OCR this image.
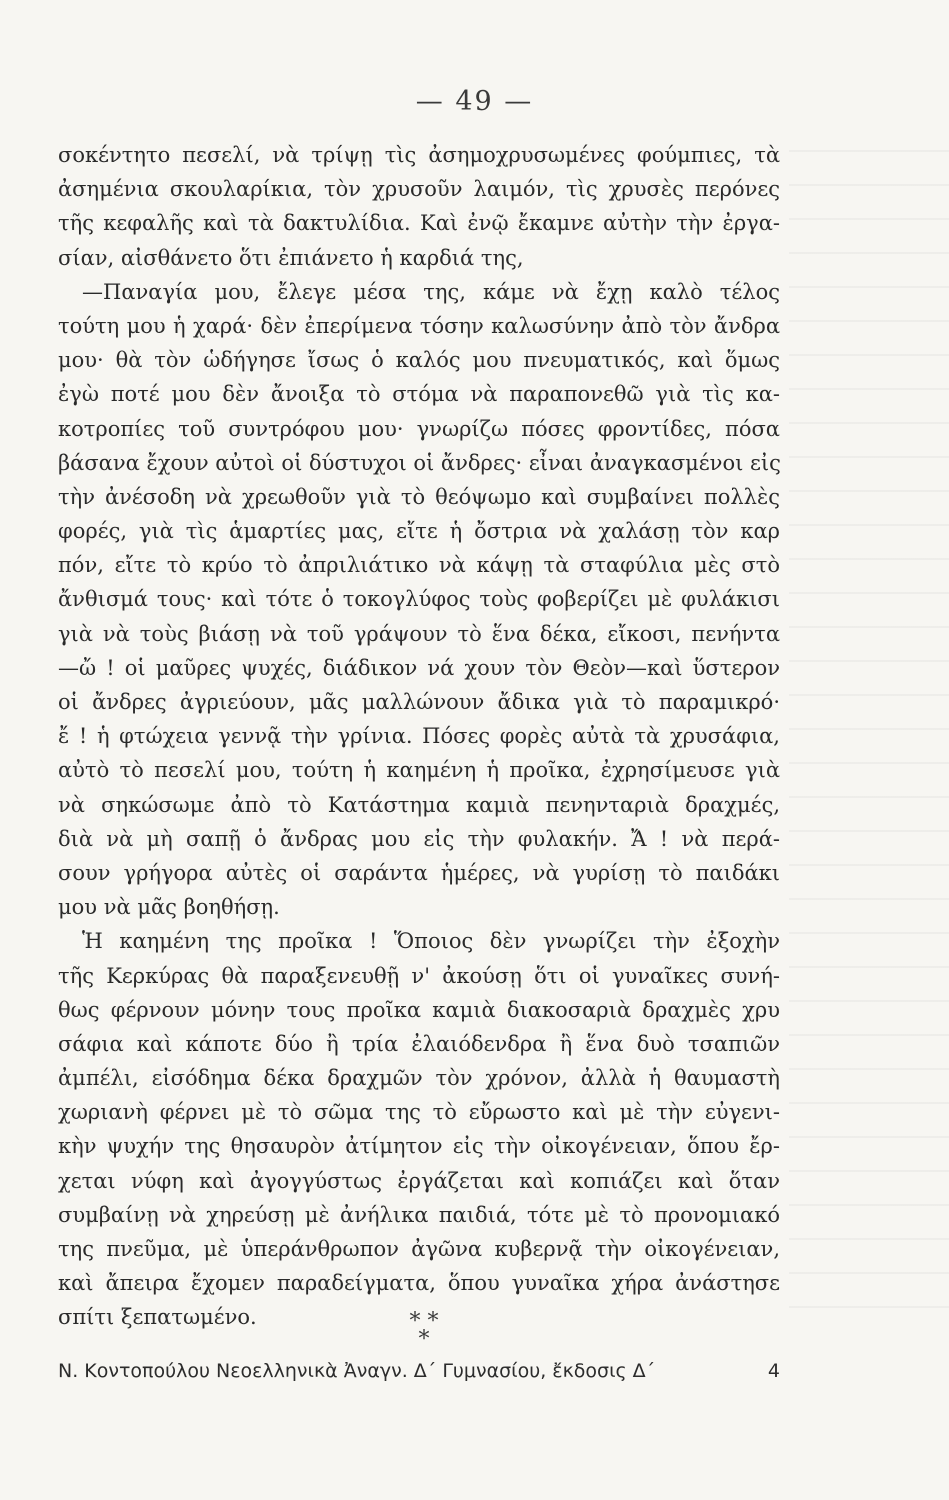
— 49 —
σοκέντητο πεσελί, νὰ τρίψῃ τὶς ἀσημοχρυσωμένες φούμπιες, τὰ
ἀσημένια σκουλαρίκια, τὸν χρυσοῦν λαιμόν, τὶς χρυσὲς περόνες
τῆς κεφαλῆς καὶ τὰ δακτυλίδια. Καὶ ἐνῷ ἔκαμνε αὐτὴν τὴν ἐργα-
σίαν, αἰσθάνετο ὅτι ἐπιάνετο ἡ καρδιά της,
—Παναγία μου, ἔλεγε μέσα της, κάμε νὰ ἔχῃ καλὸ τέλος
τούτη μου ἡ χαρά· δὲν ἐπερίμενα τόσην καλωσύνην ἀπὸ τὸν ἄνδρα
μου· θὰ τὸν ὡδήγησε ἴσως ὁ καλός μου πνευματικός, καὶ ὅμως
ἐγὼ ποτέ μου δὲν ἄνοιξα τὸ στόμα νὰ παραπονεθῶ γιὰ τὶς κα-
κοτροπίες τοῦ συντρόφου μου· γνωρίζω πόσες φροντίδες, πόσα
βάσανα ἔχουν αὐτοὶ οἱ δύστυχοι οἱ ἄνδρες· εἶναι ἀναγκασμένοι εἰς
τὴν ἀνέσοδη νὰ χρεωθοῦν γιὰ τὸ θεόψωμο καὶ συμβαίνει πολλὲς
φορές, γιὰ τὶς ἁμαρτίες μας, εἴτε ἡ ὄστρια νὰ χαλάσῃ τὸν καρ
πόν, εἴτε τὸ κρύο τὸ ἀπριλιάτικο νὰ κάψῃ τὰ σταφύλια μὲς στὸ
ἄνθισμά τους· καὶ τότε ὁ τοκογλύφος τοὺς φοβερίζει μὲ φυλάκισι
γιὰ νὰ τοὺς βιάσῃ νὰ τοῦ γράψουν τὸ ἕνα δέκα, εἴκοσι, πενήντα
—ὤ ! οἱ μαῦρες ψυχές, διάδικον νά χουν τὸν Θεὸν—καὶ ὕστερον
οἱ ἄνδρες ἀγριεύουν, μᾶς μαλλώνουν ἄδικα γιὰ τὸ παραμικρό·
ἔ ! ἡ φτώχεια γεννᾷ τὴν γρίνια. Πόσες φορὲς αὐτὰ τὰ χρυσάφια,
αὐτὸ τὸ πεσελί μου, τούτη ἡ καημένη ἡ προῖκα, ἐχρησίμευσε γιὰ
νὰ σηκώσωμε ἀπὸ τὸ Κατάστημα καμιὰ πενηνταριὰ δραχμές,
διὰ νὰ μὴ σαπῇ ὁ ἄνδρας μου εἰς τὴν φυλακήν. Ἄ ! νὰ περά-
σουν γρήγορα αὐτὲς οἱ σαράντα ἡμέρες, νὰ γυρίσῃ τὸ παιδάκι
μου νὰ μᾶς βοηθήσῃ.
Ἡ καημένη της προῖκα ! Ὅποιος δὲν γνωρίζει τὴν ἐξοχὴν
τῆς Κερκύρας θὰ παραξενευθῇ ν' ἀκούσῃ ὅτι οἱ γυναῖκες συνή-
θως φέρνουν μόνην τους προῖκα καμιὰ διακοσαριὰ δραχμὲς χρυ
σάφια καὶ κάποτε δύο ἢ τρία ἐλαιόδενδρα ἢ ἕνα δυὸ τσαπιῶν
ἀμπέλι, εἰσόδημα δέκα δραχμῶν τὸν χρόνον, ἀλλὰ ἡ θαυμαστὴ
χωριανὴ φέρνει μὲ τὸ σῶμα της τὸ εὔρωστο καὶ μὲ τὴν εὐγενι-
κὴν ψυχήν της θησαυρὸν ἀτίμητον εἰς τὴν οἰκογένειαν, ὅπου ἔρ-
χεται νύφη καὶ ἀγογγύστως ἐργάζεται καὶ κοπιάζει καὶ ὅταν
συμβαίνῃ νὰ χηρεύσῃ μὲ ἀνήλικα παιδιά, τότε μὲ τὸ προνομιακό
της πνεῦμα, μὲ ὑπεράνθρωπον ἀγῶνα κυβερνᾷ τὴν οἰκογένειαν,
καὶ ἄπειρα ἔχομεν παραδείγματα, ὅπου γυναῖκα χήρα ἀνάστησε
σπίτι ξεπατωμένο.	* *
*
Ν. Κοντοπούλου Νεοελληνικὰ Ἀναγν. Δ΄ Γυμνασίου, ἔκδοσις Δ΄	4
